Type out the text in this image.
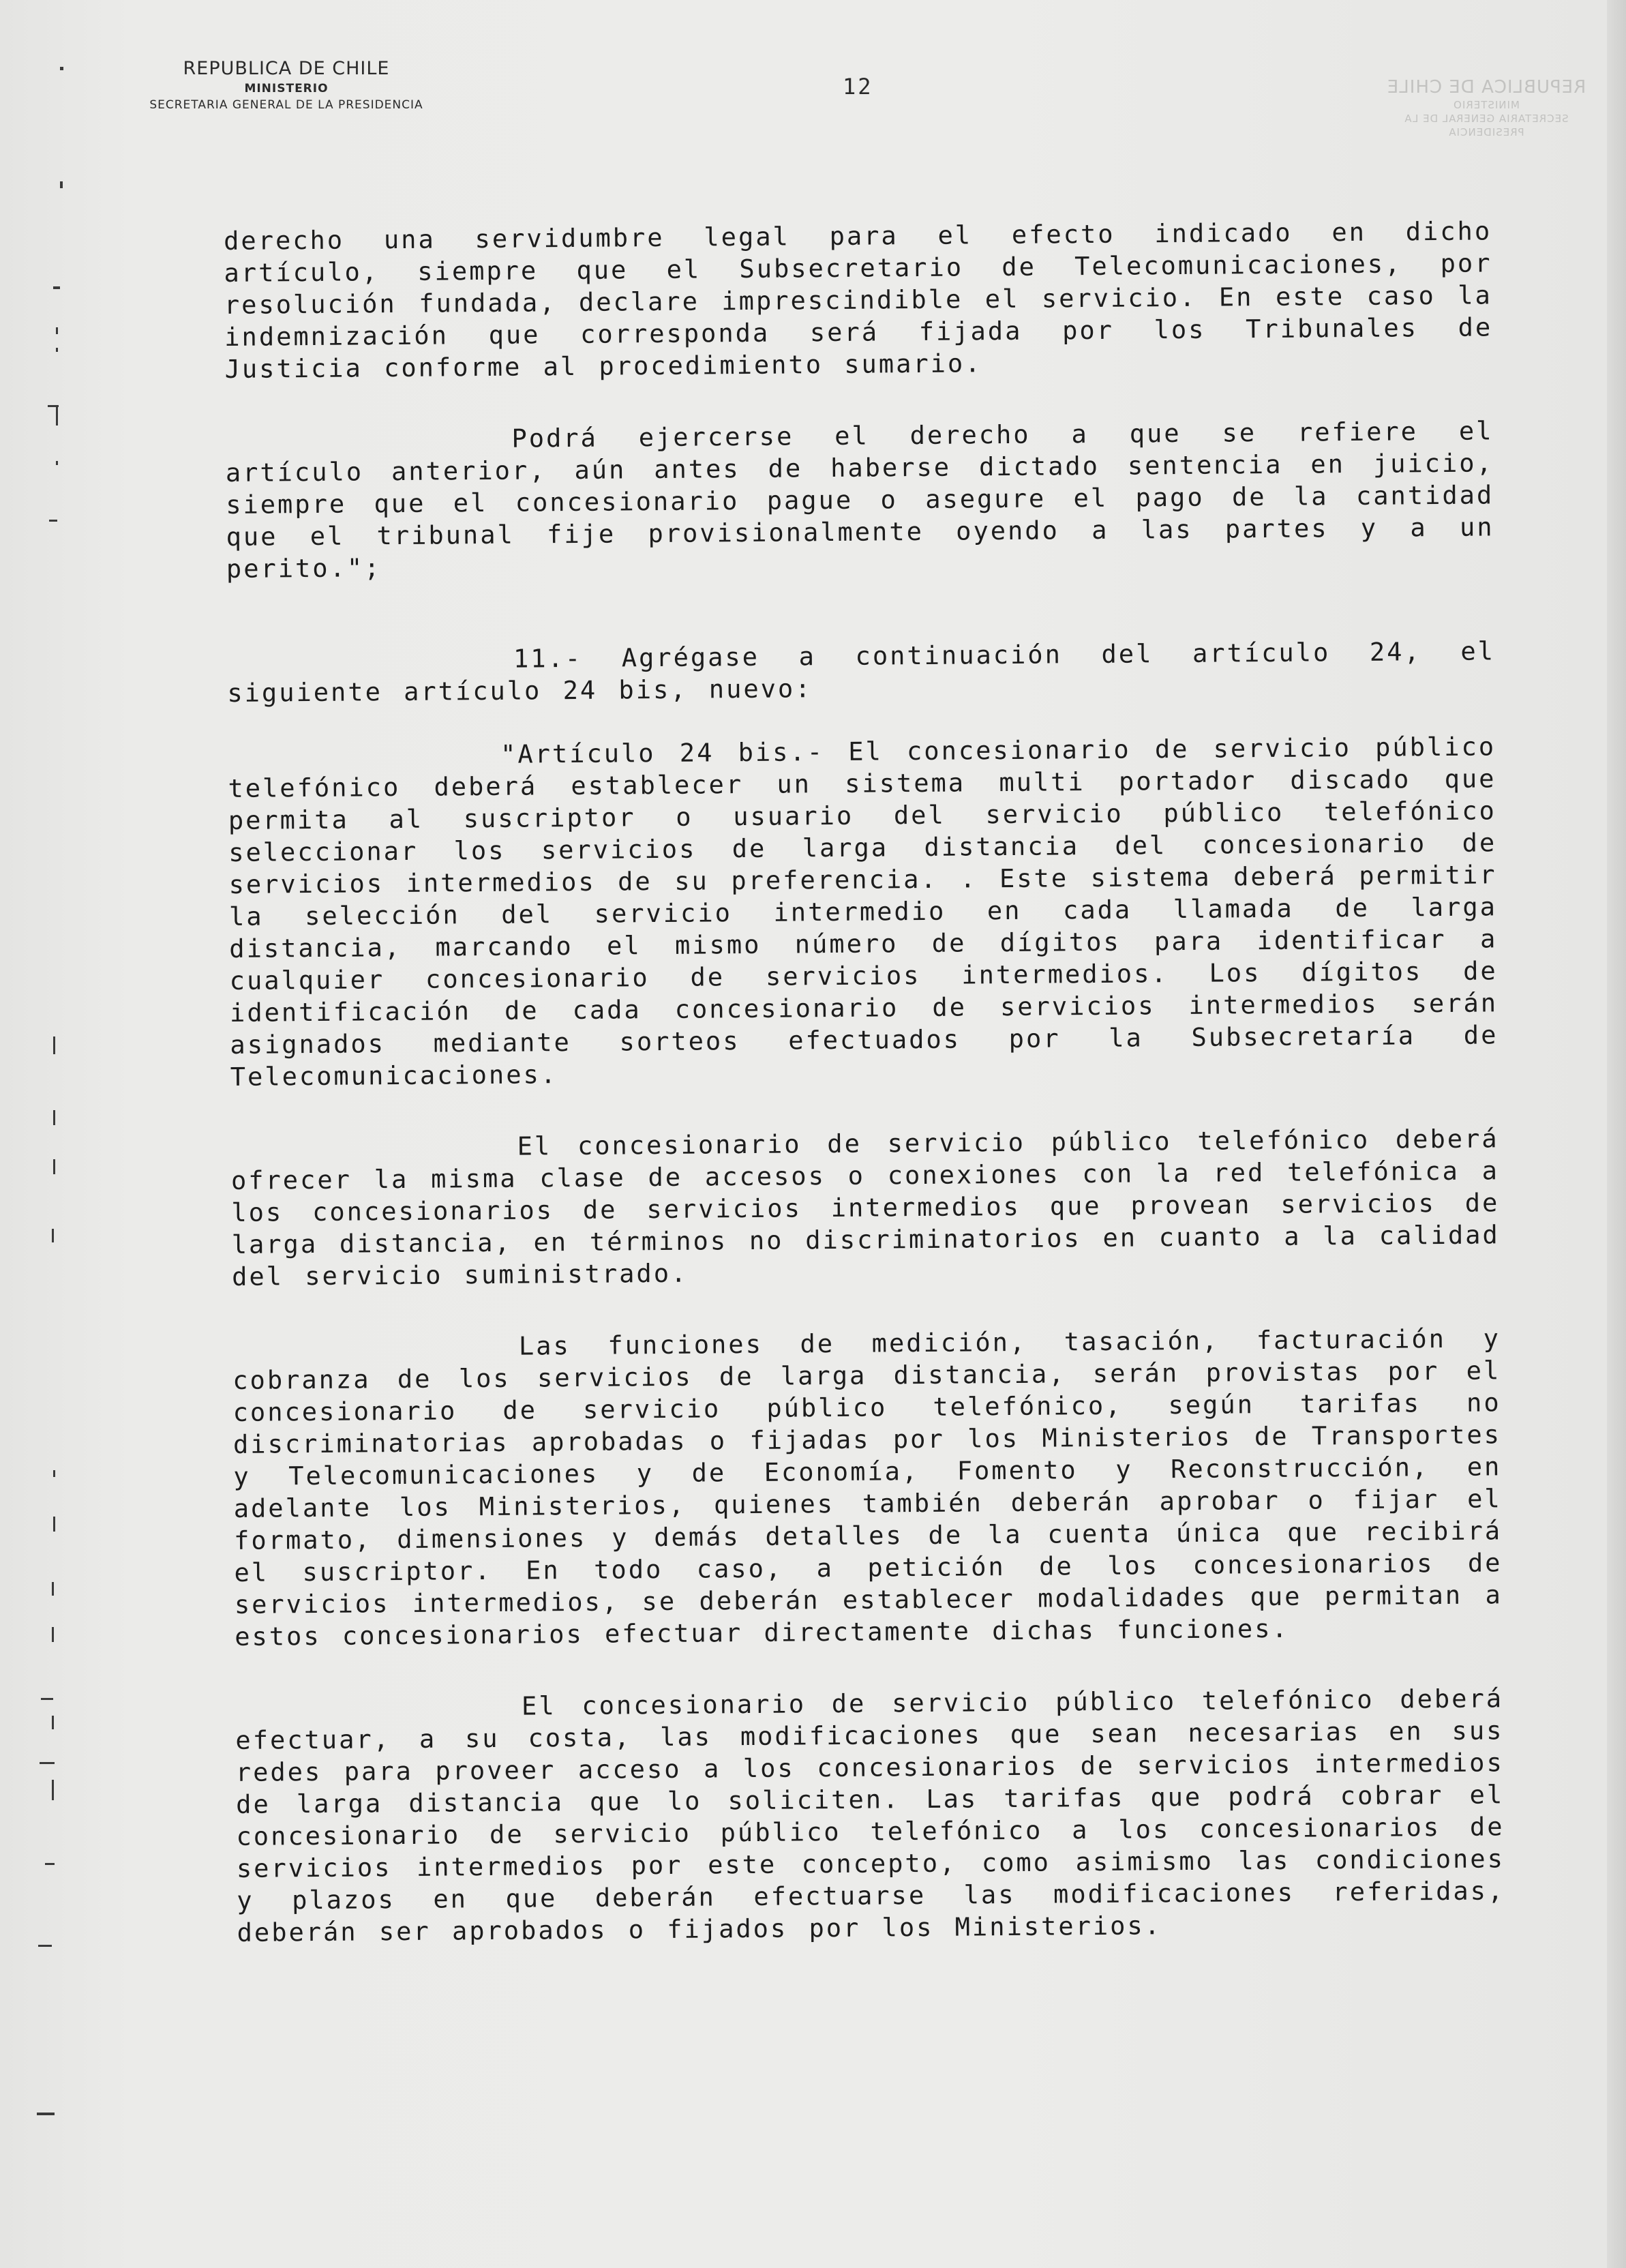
REPUBLICA DE CHILE
MINISTERIO
SECRETARIA GENERAL DE LA PRESIDENCIA
12	REPUBLICA DE CHILE
MINISTERIO
SECRETARIA GENERAL DE LA PRESIDENCIA

derecho una servidumbre legal para el efecto indicado en dicho artículo, siempre que el Subsecretario de Telecomunicaciones, por resolución fundada, declare imprescindible el servicio. En este caso la indemnización que corresponda será fijada por los Tribunales de Justicia conforme al procedimiento sumario.

Podrá ejercerse el derecho a que se refiere el artículo anterior, aún antes de haberse dictado sentencia en juicio, siempre que el concesionario pague o asegure el pago de la cantidad que el tribunal fije provisionalmente oyendo a las partes y a un perito.";

11.- Agrégase a continuación del artículo 24, el siguiente artículo 24 bis, nuevo:

"Artículo 24 bis.- El concesionario de servicio público telefónico deberá establecer un sistema multi portador discado que permita al suscriptor o usuario del servicio público telefónico seleccionar los servicios de larga distancia del concesionario de servicios intermedios de su preferencia. . Este sistema deberá permitir la selección del servicio intermedio en cada llamada de larga distancia, marcando el mismo número de dígitos para identificar a cualquier concesionario de servicios intermedios. Los dígitos de identificación de cada concesionario de servicios intermedios serán asignados mediante sorteos efectuados por la Subsecretaría de Telecomunicaciones.

El concesionario de servicio público telefónico deberá ofrecer la misma clase de accesos o conexiones con la red telefónica a los concesionarios de servicios intermedios que provean servicios de larga distancia, en términos no discriminatorios en cuanto a la calidad del servicio suministrado.

Las funciones de medición, tasación, facturación y cobranza de los servicios de larga distancia, serán provistas por el concesionario de servicio público telefónico, según tarifas no discriminatorias aprobadas o fijadas por los Ministerios de Transportes y Telecomunicaciones y de Economía, Fomento y Reconstrucción, en adelante los Ministerios, quienes también deberán aprobar o fijar el formato, dimensiones y demás detalles de la cuenta única que recibirá el suscriptor. En todo caso, a petición de los concesionarios de servicios intermedios, se deberán establecer modalidades que permitan a estos concesionarios efectuar directamente dichas funciones.

El concesionario de servicio público telefónico deberá efectuar, a su costa, las modificaciones que sean necesarias en sus redes para proveer acceso a los concesionarios de servicios intermedios de larga distancia que lo soliciten. Las tarifas que podrá cobrar el concesionario de servicio público telefónico a los concesionarios de servicios intermedios por este concepto, como asimismo las condiciones y plazos en que deberán efectuarse las modificaciones referidas, deberán ser aprobados o fijados por los Ministerios.
